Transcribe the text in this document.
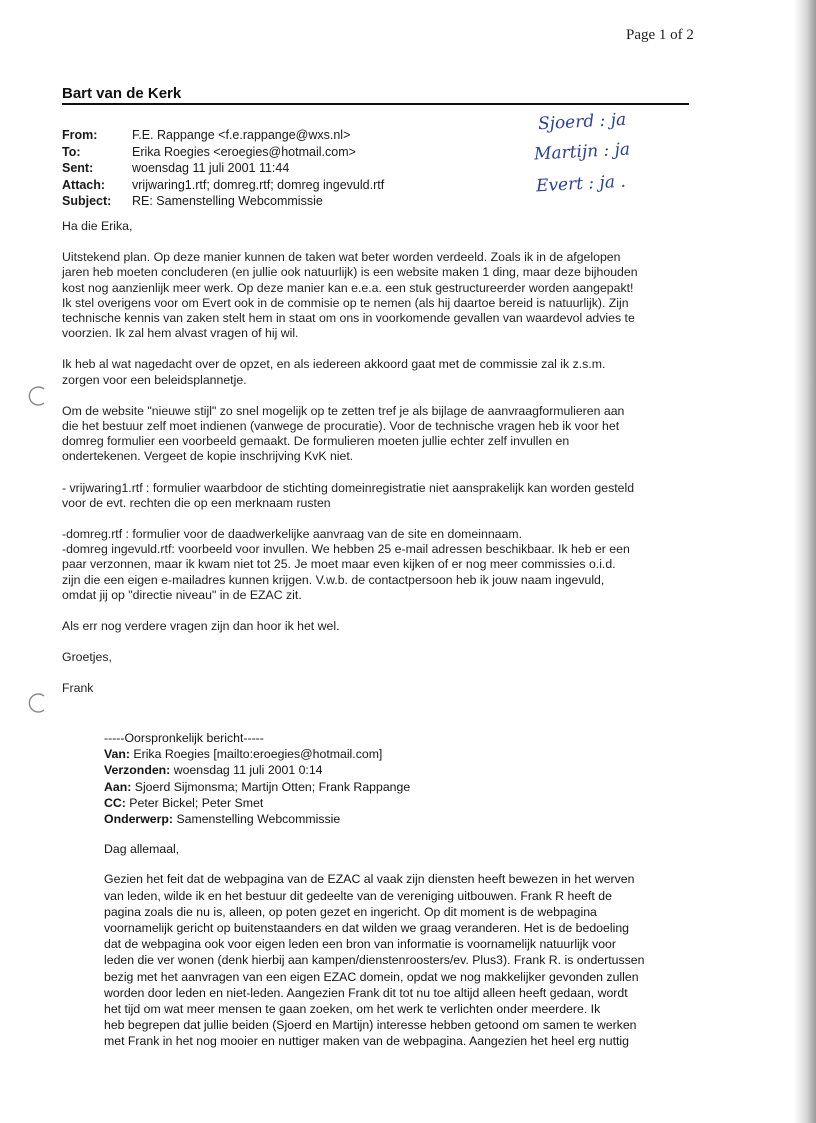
Page 1 of 2
Bart van de Kerk
From:	F.E. Rappange <f.e.rappange@wxs.nl>
To:	Erika Roegies <eroegies@hotmail.com>
Sent:	woensdag 11 juli 2001 11:44
Attach:	vrijwaring1.rtf; domreg.rtf; domreg ingevuld.rtf
Subject:	RE: Samenstelling Webcommissie
Sjoerd : ja
Martijn : ja
Evert : ja .

Ha die Erika,

Uitstekend plan. Op deze manier kunnen de taken wat beter worden verdeeld. Zoals ik in de afgelopen
jaren heb moeten concluderen (en jullie ook natuurlijk) is een website maken 1 ding, maar deze bijhouden
kost nog aanzienlijk meer werk. Op deze manier kan e.e.a. een stuk gestructureerder worden aangepakt!
Ik stel overigens voor om Evert ook in de commisie op te nemen (als hij daartoe bereid is natuurlijk). Zijn
technische kennis van zaken stelt hem in staat om ons in voorkomende gevallen van waardevol advies te
voorzien. Ik zal hem alvast vragen of hij wil.

Ik heb al wat nagedacht over de opzet, en als iedereen akkoord gaat met de commissie zal ik z.s.m.
zorgen voor een beleidsplannetje.

Om de website "nieuwe stijl" zo snel mogelijk op te zetten tref je als bijlage de aanvraagformulieren aan
die het bestuur zelf moet indienen (vanwege de procuratie). Voor de technische vragen heb ik voor het
domreg formulier een voorbeeld gemaakt. De formulieren moeten jullie echter zelf invullen en
ondertekenen. Vergeet de kopie inschrijving KvK niet.

- vrijwaring1.rtf : formulier waarbdoor de stichting domeinregistratie niet aansprakelijk kan worden gesteld
voor de evt. rechten die op een merknaam rusten

-domreg.rtf : formulier voor de daadwerkelijke aanvraag van de site en domeinnaam.
-domreg ingevuld.rtf: voorbeeld voor invullen. We hebben 25 e-mail adressen beschikbaar. Ik heb er een
paar verzonnen, maar ik kwam niet tot 25. Je moet maar even kijken of er nog meer commissies o.i.d.
zijn die een eigen e-mailadres kunnen krijgen. V.w.b. de contactpersoon heb ik jouw naam ingevuld,
omdat jij op "directie niveau" in de EZAC zit.

Als err nog verdere vragen zijn dan hoor ik het wel.

Groetjes,

Frank

-----Oorspronkelijk bericht-----
Van: Erika Roegies [mailto:eroegies@hotmail.com]
Verzonden: woensdag 11 juli 2001 0:14
Aan: Sjoerd Sijmonsma; Martijn Otten; Frank Rappange
CC: Peter Bickel; Peter Smet
Onderwerp: Samenstelling Webcommissie

Dag allemaal,

Gezien het feit dat de webpagina van de EZAC al vaak zijn diensten heeft bewezen in het werven
van leden, wilde ik en het bestuur dit gedeelte van de vereniging uitbouwen. Frank R heeft de
pagina zoals die nu is, alleen, op poten gezet en ingericht. Op dit moment is de webpagina
voornamelijk gericht op buitenstaanders en dat wilden we graag veranderen. Het is de bedoeling
dat de webpagina ook voor eigen leden een bron van informatie is voornamelijk natuurlijk voor
leden die ver wonen (denk hierbij aan kampen/dienstenroosters/ev. Plus3). Frank R. is ondertussen
bezig met het aanvragen van een eigen EZAC domein, opdat we nog makkelijker gevonden zullen
worden door leden en niet-leden. Aangezien Frank dit tot nu toe altijd alleen heeft gedaan, wordt
het tijd om wat meer mensen te gaan zoeken, om het werk te verlichten onder meerdere. Ik
heb begrepen dat jullie beiden (Sjoerd en Martijn) interesse hebben getoond om samen te werken
met Frank in het nog mooier en nuttiger maken van de webpagina. Aangezien het heel erg nuttig
